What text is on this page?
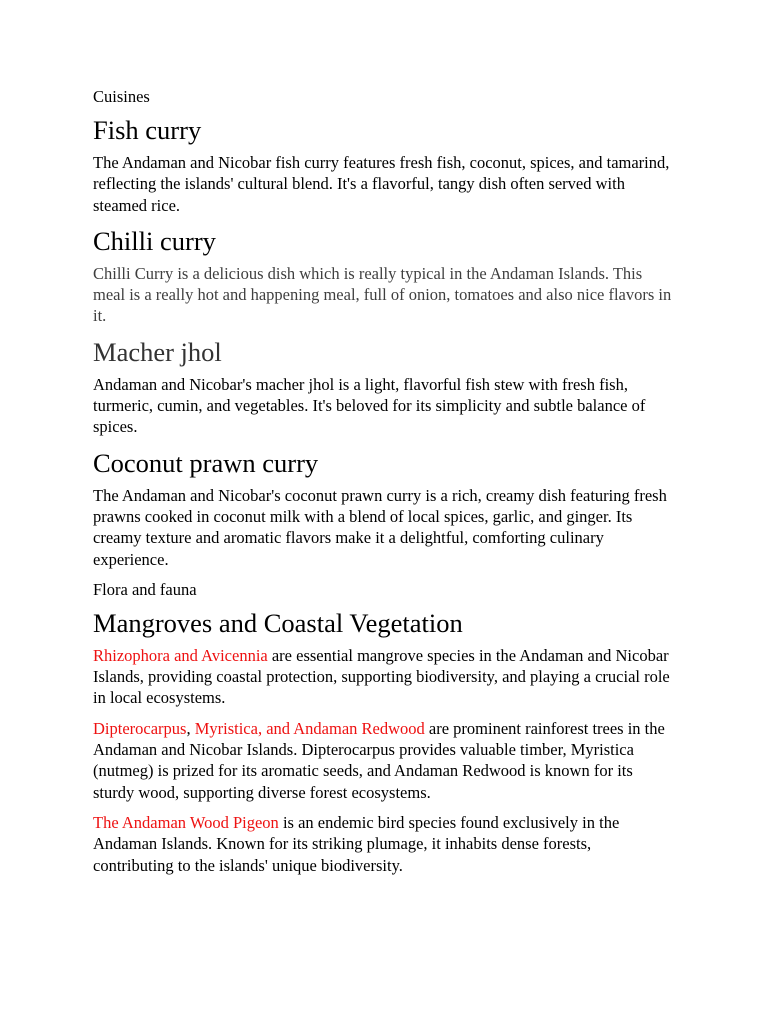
Cuisines
Fish curry

The Andaman and Nicobar fish curry features fresh fish, coconut, spices, and tamarind, reflecting the islands' cultural blend. It's a flavorful, tangy dish often served with steamed rice.

Chilli curry

Chilli Curry is a delicious dish which is really typical in the Andaman Islands. This meal is a really hot and happening meal, full of onion, tomatoes and also nice flavors in it.

Macher jhol

Andaman and Nicobar's macher jhol is a light, flavorful fish stew with fresh fish, turmeric, cumin, and vegetables. It's beloved for its simplicity and subtle balance of spices.

Coconut prawn curry

The Andaman and Nicobar's coconut prawn curry is a rich, creamy dish featuring fresh prawns cooked in coconut milk with a blend of local spices, garlic, and ginger. Its creamy texture and aromatic flavors make it a delightful, comforting culinary experience.

Flora and fauna
Mangroves and Coastal Vegetation

Rhizophora and Avicennia are essential mangrove species in the Andaman and Nicobar Islands, providing coastal protection, supporting biodiversity, and playing a crucial role in local ecosystems.

Dipterocarpus, Myristica, and Andaman Redwood are prominent rainforest trees in the Andaman and Nicobar Islands. Dipterocarpus provides valuable timber, Myristica (nutmeg) is prized for its aromatic seeds, and Andaman Redwood is known for its sturdy wood, supporting diverse forest ecosystems.

The Andaman Wood Pigeon is an endemic bird species found exclusively in the Andaman Islands. Known for its striking plumage, it inhabits dense forests, contributing to the islands' unique biodiversity.
